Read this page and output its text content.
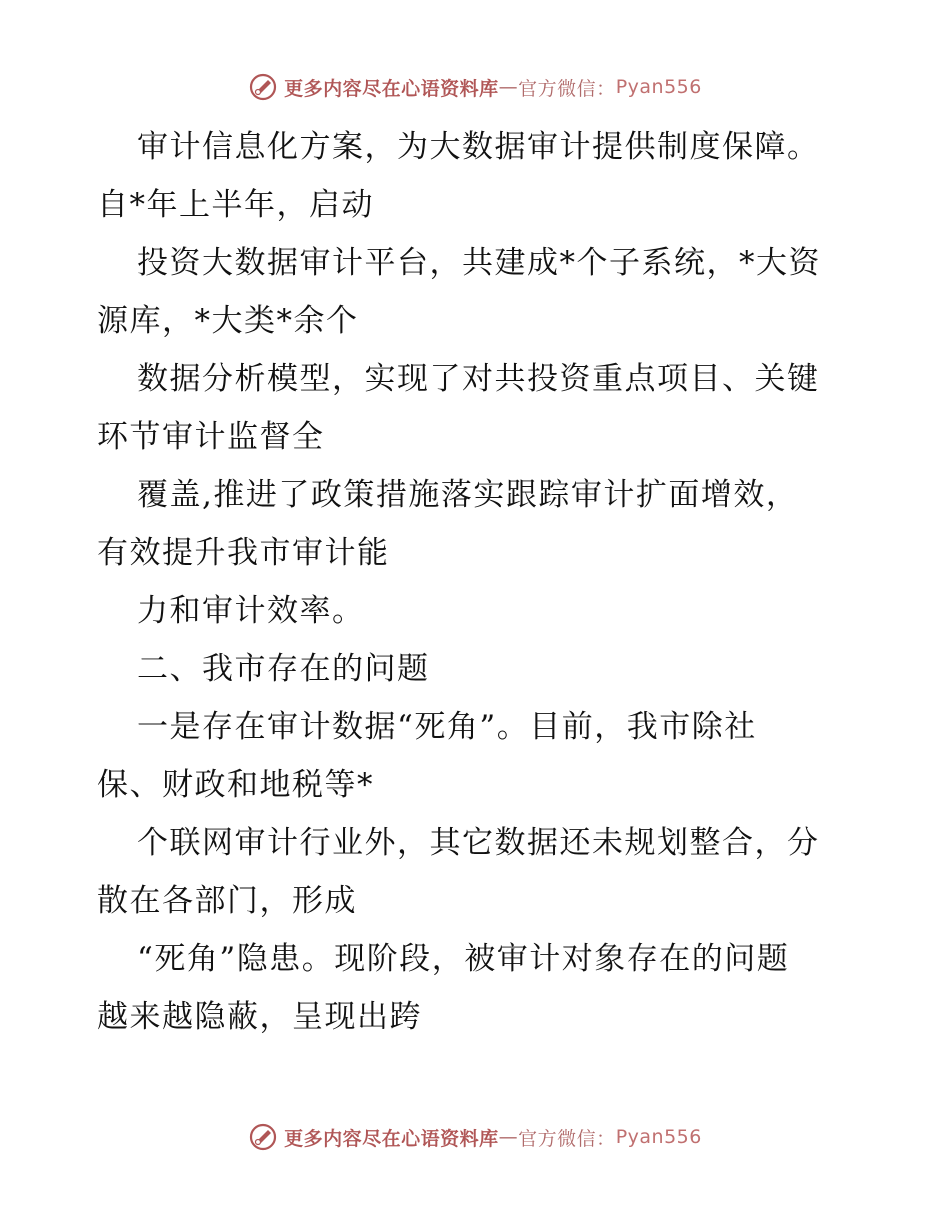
更多内容尽在心语资料库 — 官方微信： Pyan556
审计信息化方案，为大数据审计提供制度保障。
自*年上半年，启动
投资大数据审计平台，共建成*个子系统，*大资
源库，*大类*余个
数据分析模型，实现了对共投资重点项目、关键
环节审计监督全
覆盖,推进了政策措施落实跟踪审计扩面增效，
有效提升我市审计能
力和审计效率。
二、我市存在的问题
一是存在审计数据“死角”。目前，我市除社
保、财政和地税等*
个联网审计行业外，其它数据还未规划整合，分
散在各部门，形成
“死角”隐患。现阶段，被审计对象存在的问题
越来越隐蔽，呈现出跨
更多内容尽在心语资料库 — 官方微信： Pyan556
